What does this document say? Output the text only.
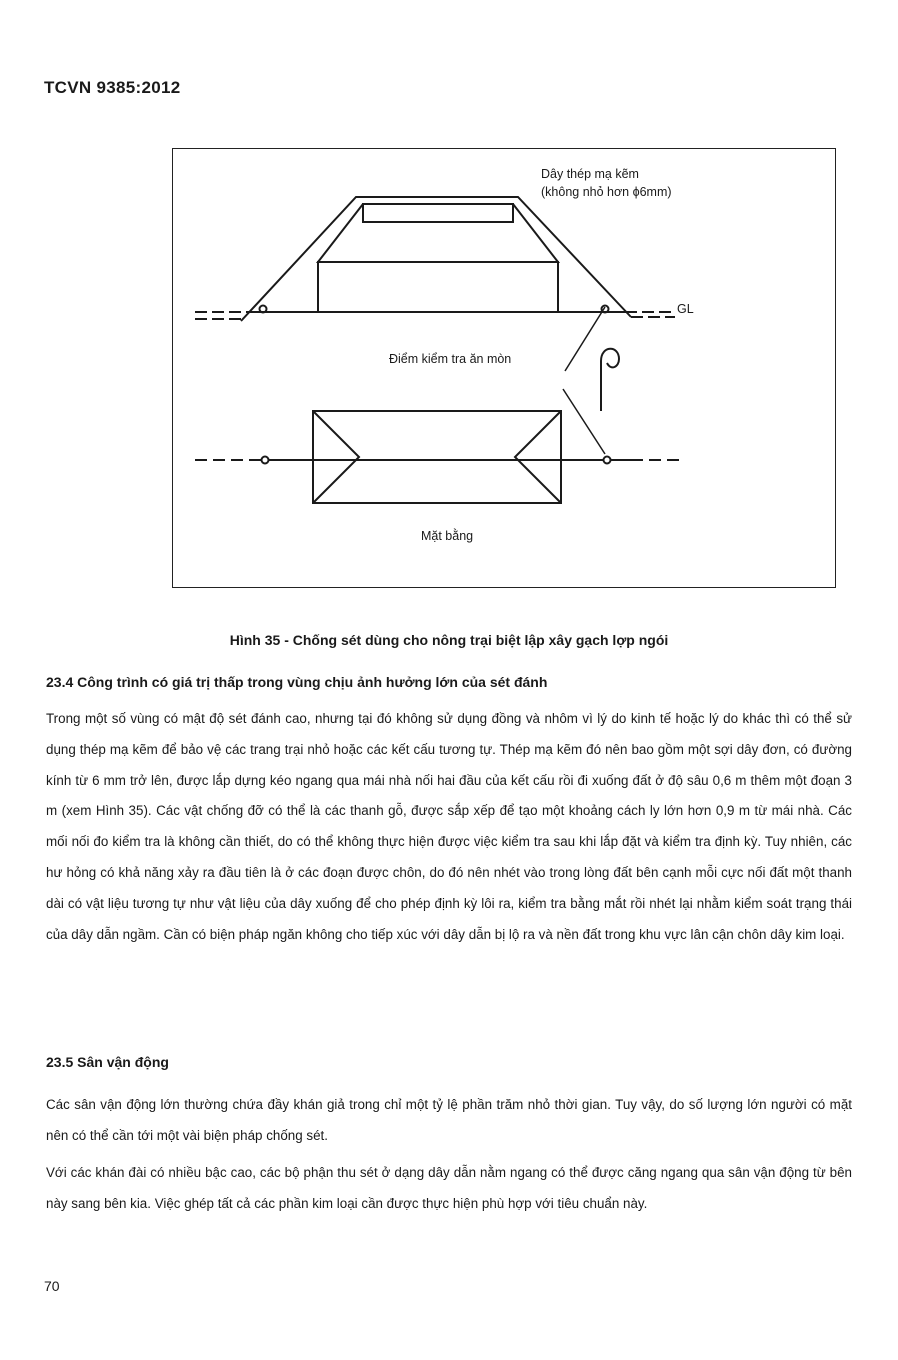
TCVN 9385:2012
Dây thép mạ kẽm
(không nhỏ hơn ϕ6mm)
GL
Điểm kiểm tra ăn mòn
Mặt bằng
Hình 35 - Chống sét dùng cho nông trại biệt lập xây gạch lợp ngói
23.4 Công trình có giá trị thấp trong vùng chịu ảnh hưởng lớn của sét đánh
Trong một số vùng có mật độ sét đánh cao, nhưng tại đó không sử dụng đồng và nhôm vì lý do kinh tế hoặc lý do khác thì có thể sử dụng thép mạ kẽm để bảo vệ các trang trại nhỏ hoặc các kết cấu tương tự. Thép mạ kẽm đó nên bao gồm một sợi dây đơn, có đường kính từ 6 mm trở lên, được lắp dựng kéo ngang qua mái nhà nối hai đầu của kết cấu rồi đi xuống đất ở độ sâu 0,6 m thêm một đoạn 3 m (xem Hình 35). Các vật chống đỡ có thể là các thanh gỗ, được sắp xếp để tạo một khoảng cách ly lớn hơn 0,9 m từ mái nhà. Các mối nối đo kiểm tra là không cần thiết, do có thể không thực hiện được việc kiểm tra sau khi lắp đặt và kiểm tra định kỳ. Tuy nhiên, các hư hỏng có khả năng xảy ra đầu tiên là ở các đoạn được chôn, do đó nên nhét vào trong lòng đất bên cạnh mỗi cực nối đất một thanh dài có vật liệu tương tự như vật liệu của dây xuống để cho phép định kỳ lôi ra, kiểm tra bằng mắt rồi nhét lại nhằm kiểm soát trạng thái của dây dẫn ngầm. Cần có biện pháp ngăn không cho tiếp xúc với dây dẫn bị lộ ra và nền đất trong khu vực lân cận chôn dây kim loại.
23.5 Sân vận động
Các sân vận động lớn thường chứa đầy khán giả trong chỉ một tỷ lệ phần trăm nhỏ thời gian. Tuy vậy, do số lượng lớn người có mặt nên có thể cần tới một vài biện pháp chống sét.
Với các khán đài có nhiều bậc cao, các bộ phận thu sét ở dạng dây dẫn nằm ngang có thể được căng ngang qua sân vận động từ bên này sang bên kia. Việc ghép tất cả các phần kim loại cần được thực hiện phù hợp với tiêu chuẩn này.
70
